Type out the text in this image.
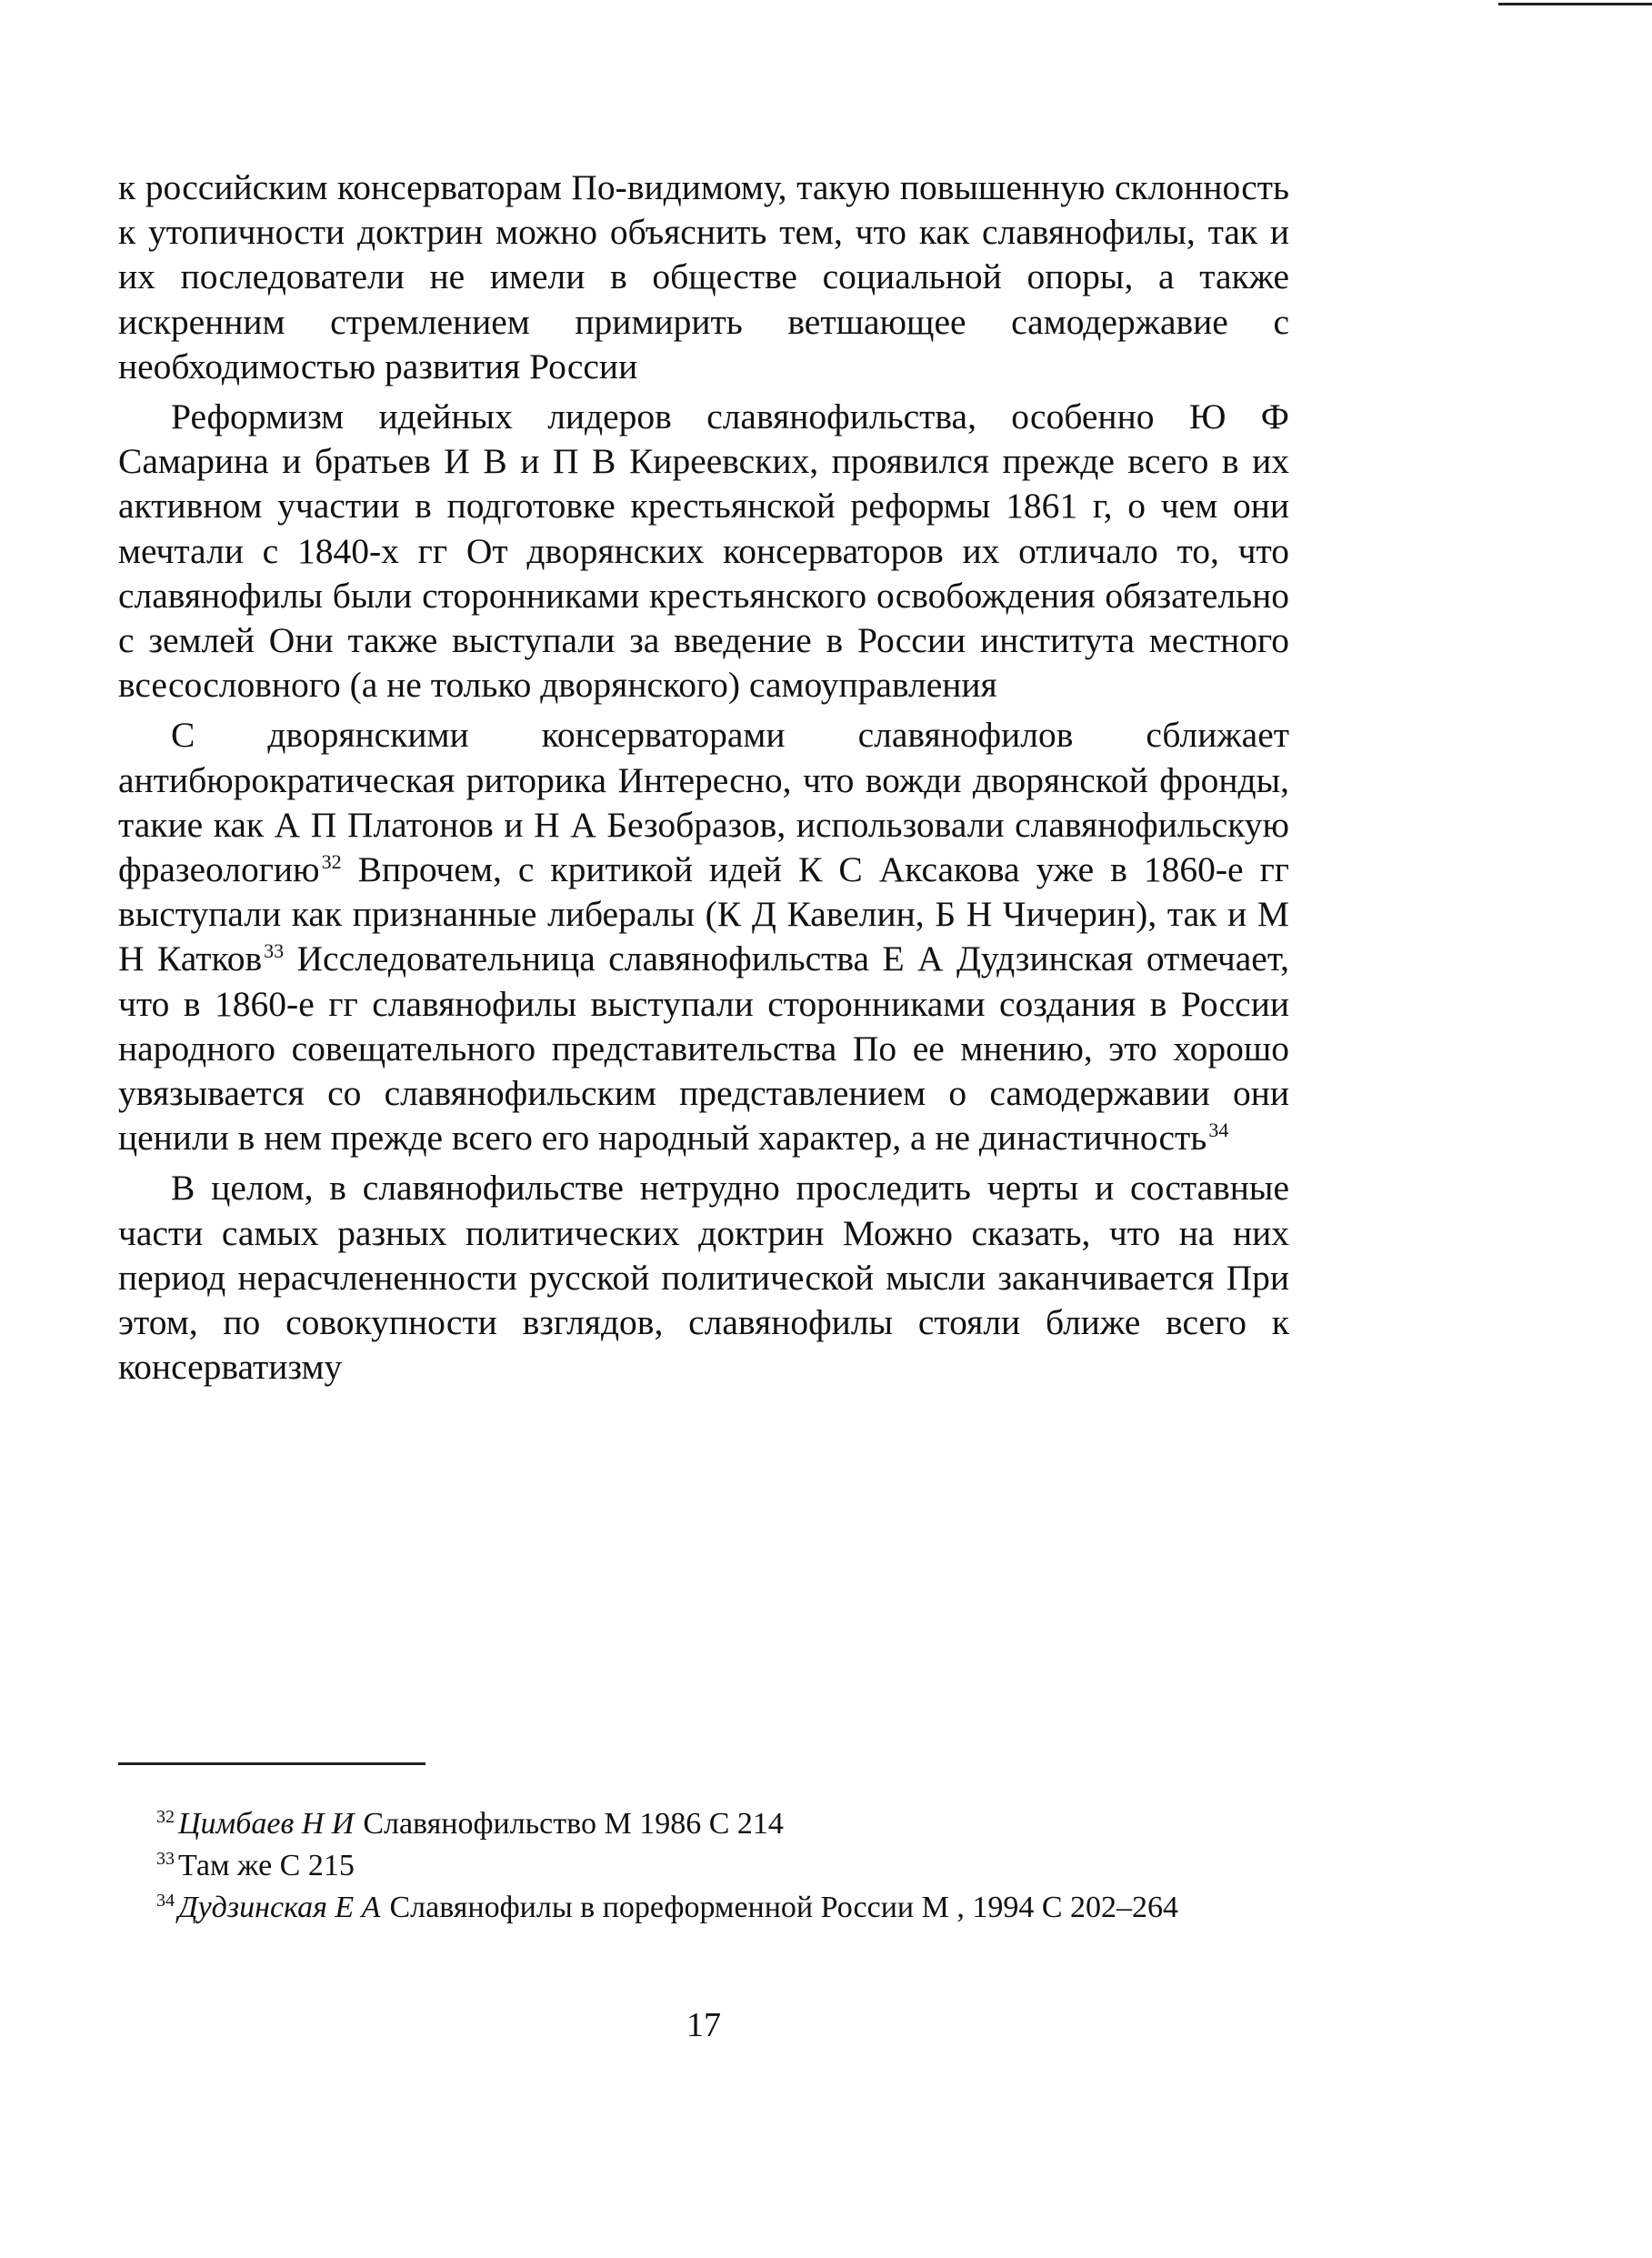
к российским консерваторам По-видимому, такую повышенную склонность к утопичности доктрин можно объяснить тем, что как славянофилы, так и их последователи не имели в обществе социальной опоры, а также искренним стремлением примирить ветшающее самодержавие с необходимостью развития России

Реформизм идейных лидеров славянофильства, особенно Ю Ф Самарина и братьев И В и П В Киреевских, проявился прежде всего в их активном участии в подготовке крестьянской реформы 1861 г, о чем они мечтали с 1840-х гг От дворянских консерваторов их отличало то, что славянофилы были сторонниками крестьянского освобождения обязательно с землей Они также выступали за введение в России института местного всесословного (а не только дворянского) самоуправления

С дворянскими консерваторами славянофилов сближает антибюрократическая риторика Интересно, что вожди дворянской фронды, такие как А П Платонов и Н А Безобразов, использовали славянофильскую фразеологию$^{32}$ Впрочем, с критикой идей К С Аксакова уже в 1860-е гг выступали как признанные либералы (К Д Кавелин, Б Н Чичерин), так и М Н Катков$^{33}$ Исследовательница славянофильства Е А Дудзинская отмечает, что в 1860-е гг славянофилы выступали сторонниками создания в России народного совещательного представительства По ее мнению, это хорошо увязывается со славянофильским представлением о самодержавии они ценили в нем прежде всего его народный характер, а не династичность$^{34}$

В целом, в славянофильстве нетрудно проследить черты и составные части самых разных политических доктрин Можно сказать, что на них период нерасчлененности русской политической мысли заканчивается При этом, по совокупности взглядов, славянофилы стояли ближе всего к консерватизму

$^{32}$ Цимбаев Н И Славянофильство М 1986 С 214

$^{33}$ Там же С 215

$^{34}$ Дудзинская Е А Славянофилы в пореформенной России М , 1994 С 202–264

17
